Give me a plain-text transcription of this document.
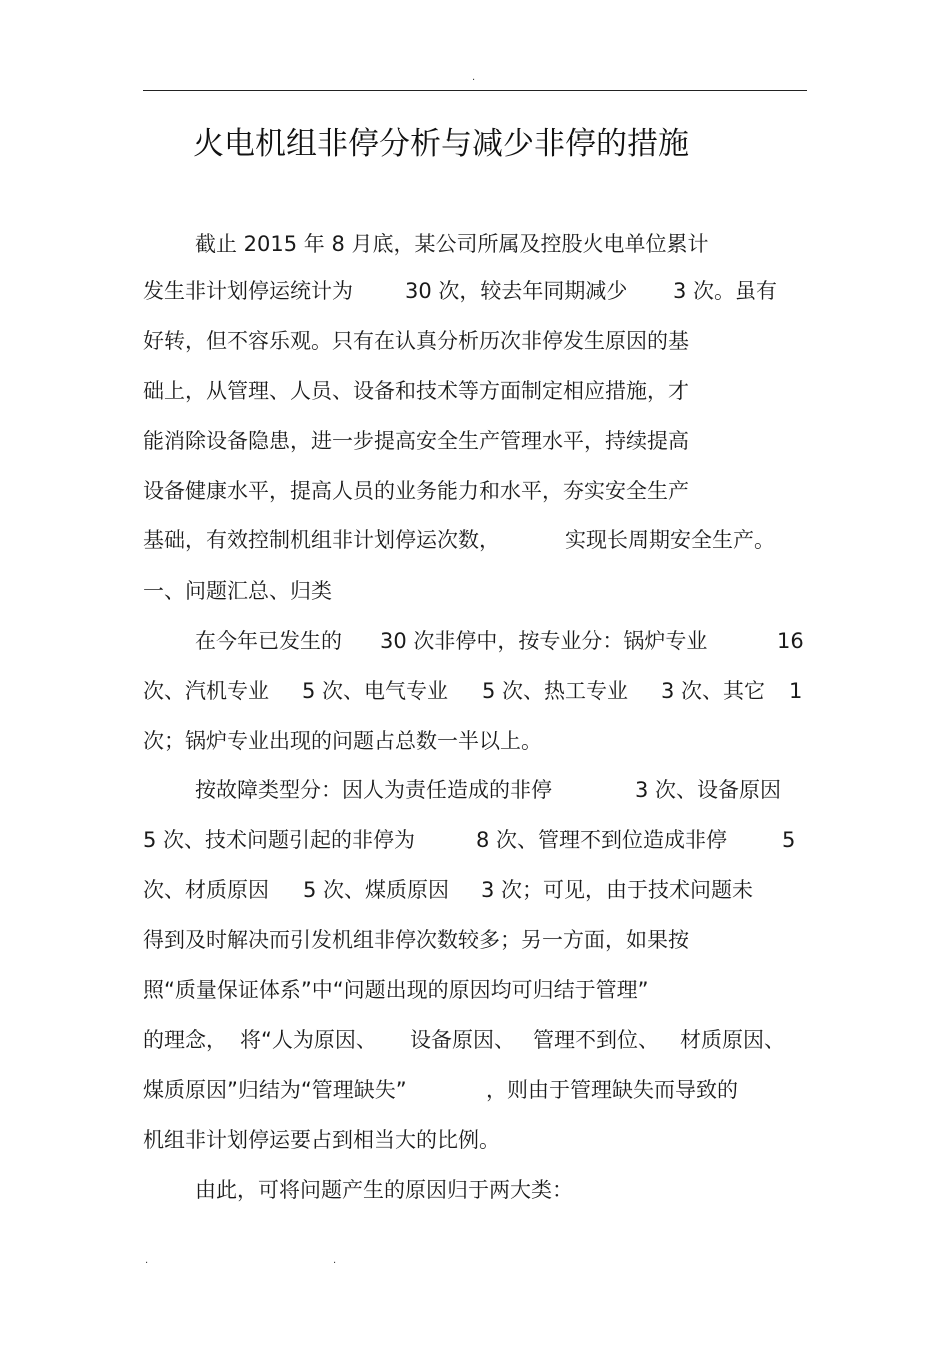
.
火电机组非停分析与减少非停的措施
截止 2015 年 8 月底，某公司所属及控股火电单位累计
发生非计划停运统计为 30 次，较去年同期减少 3 次。虽有
好转，但不容乐观。只有在认真分析历次非停发生原因的基
础上，从管理、人员、设备和技术等方面制定相应措施，才
能消除设备隐患，进一步提高安全生产管理水平，持续提高
设备健康水平，提高人员的业务能力和水平，夯实安全生产
基础，有效控制机组非计划停运次数，	实现长周期安全生产。
一、问题汇总、归类
在今年已发生的 30 次非停中，按专业分：锅炉专业	16
次、汽机专业 5 次、电气专业 5 次、热工专业 3 次、其它 1
次；锅炉专业出现的问题占总数一半以上。
按故障类型分：因人为责任造成的非停	3 次、设备原因
5 次、技术问题引起的非停为	8 次、管理不到位造成非停	5
次、材质原因 5 次、煤质原因 3 次；可见，由于技术问题未
得到及时解决而引发机组非停次数较多；另一方面，如果按
照“质量保证体系”中“问题出现的原因均可归结于管理”
的理念， 将“人为原因、 设备原因、 管理不到位、 材质原因、
煤质原因”归结为“管理缺失”	，则由于管理缺失而导致的
机组非计划停运要占到相当大的比例。
由此，可将问题产生的原因归于两大类：
.	.
